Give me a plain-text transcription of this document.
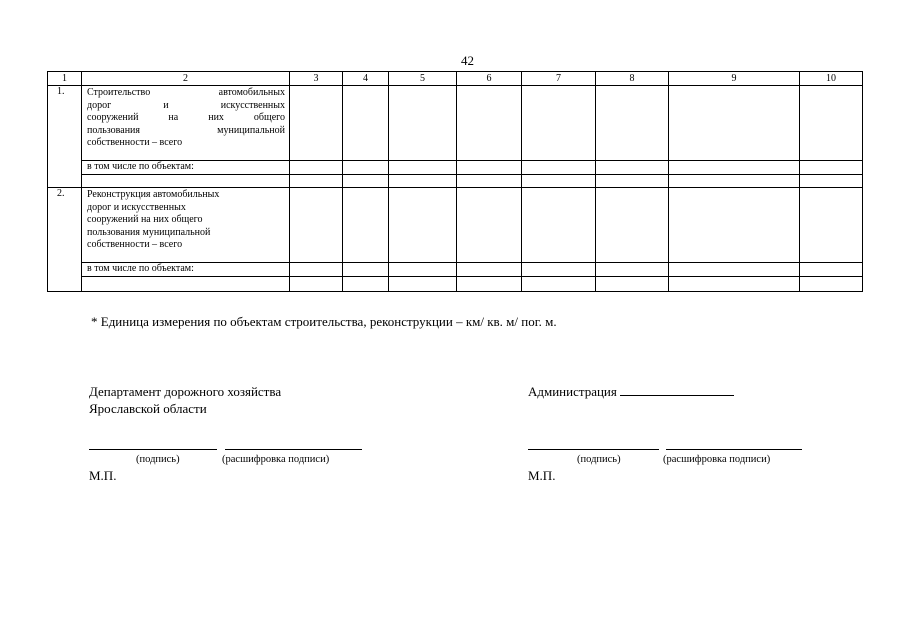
42
1	2	3	4	5	6	7	8	9	10
1.	Строительство автомобильных
дорог и искусственных
сооружений на них общего
пользования муниципальной
собственности – всего								

	в том числе по объектам:								

2.	Реконструкция автомобильных
дорог и искусственных
сооружений на них общего
пользования муниципальной
собственности – всего								

	в том числе по объектам:								

* Единица измерения по объектам строительства, реконструкции – км/ кв. м/ пог. м.
Департамент дорожного хозяйства
Ярославской области
(подпись)	(расшифровка подписи)
М.П.
Администрация
(подпись)	(расшифровка подписи)
М.П.
